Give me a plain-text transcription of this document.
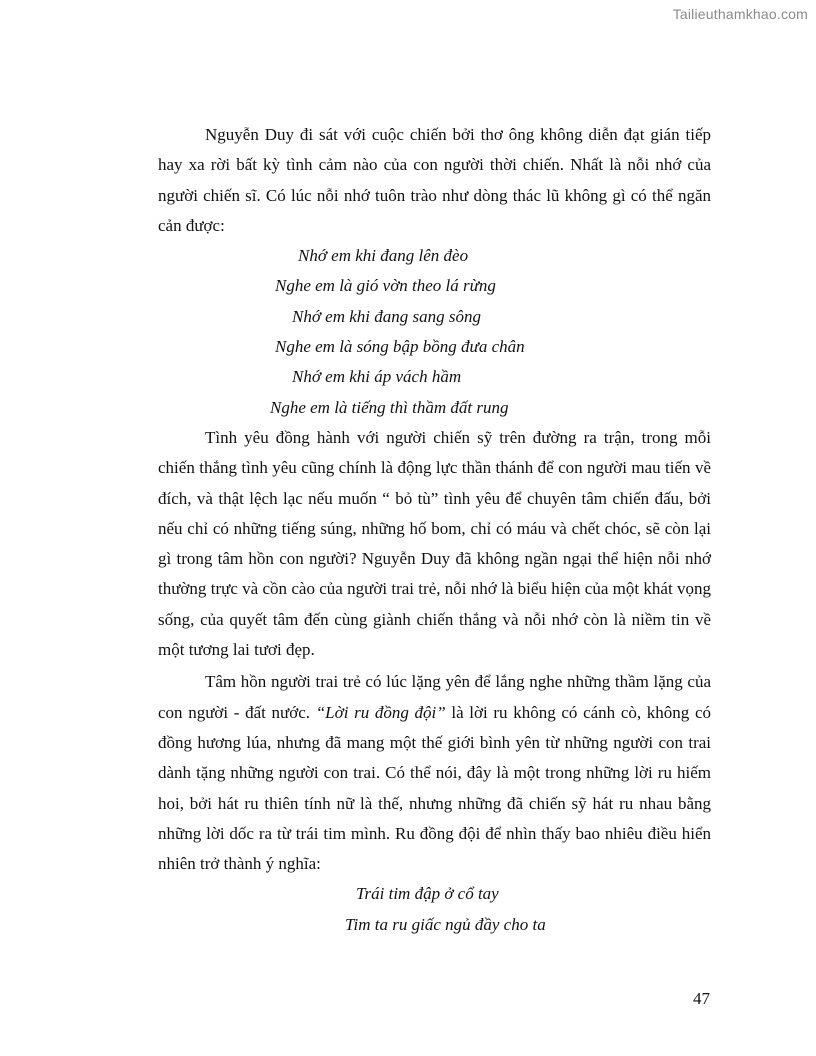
Tailieuthamkhao.com

Nguyễn Duy đi sát với cuộc chiến bởi thơ ông không diễn đạt gián tiếp hay xa rời bất kỳ tình cảm nào của con người thời chiến. Nhất là nỗi nhớ của người chiến sĩ. Có lúc nỗi nhớ tuôn trào như dòng thác lũ không gì có thể ngăn cản được:

Nhớ em khi đang lên đèo
Nghe em là gió vờn theo lá rừng
Nhớ em khi đang sang sông
Nghe em là sóng bập bồng đưa chân
Nhớ em khi áp vách hầm
Nghe em là tiếng thì thầm đất rung

Tình yêu đồng hành với người chiến sỹ trên đường ra trận, trong mỗi chiến thắng tình yêu cũng chính là động lực thần thánh để con người mau tiến về đích, và thật lệch lạc nếu muốn “ bỏ tù” tình yêu để chuyên tâm chiến đấu, bởi nếu chỉ có những tiếng súng, những hố bom, chỉ có máu và chết chóc, sẽ còn lại gì trong tâm hồn con người? Nguyễn Duy đã không ngần ngại thể hiện nỗi nhớ thường trực và cồn cào của người trai trẻ, nỗi nhớ là biểu hiện của một khát vọng sống, của quyết tâm đến cùng giành chiến thắng và nỗi nhớ còn là niềm tin về một tương lai tươi đẹp.

Tâm hồn người trai trẻ có lúc lặng yên để lắng nghe những thầm lặng của con người - đất nước. “Lời ru đồng đội” là lời ru không có cánh cò, không có đồng hương lúa, nhưng đã mang một thế giới bình yên từ những người con trai dành tặng những người con trai. Có thể nói, đây là một trong những lời ru hiếm hoi, bởi hát ru thiên tính nữ là thế, nhưng những đã chiến sỹ hát ru nhau bằng những lời dốc ra từ trái tim mình. Ru đồng đội để nhìn thấy bao nhiêu điều hiển nhiên trở thành ý nghĩa:

Trái tim đập ở cổ tay
Tim ta ru giấc ngủ đầy cho ta
47
